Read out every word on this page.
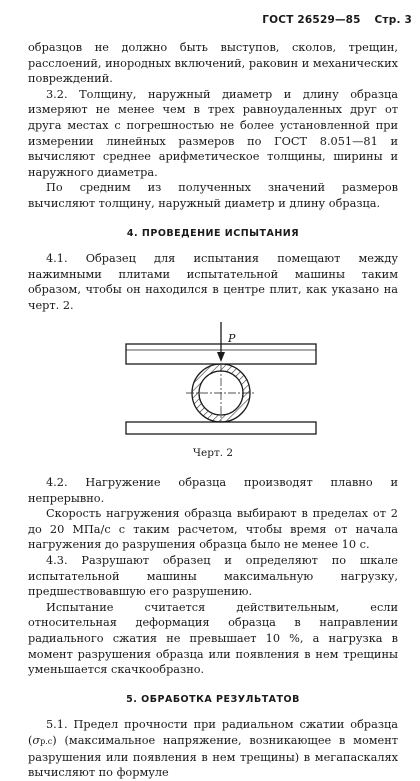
ГОСТ 26529—85 Стр. 3

образцов не должно быть выступов, сколов, трещин, расслоений, инородных включений, раковин и механических повреждений.

3.2. Толщину, наружный диаметр и длину образца измеряют не менее чем в трех равноудаленных друг от друга местах с погрешностью не более установленной при измерении линейных размеров по ГОСТ 8.051—81 и вычисляют среднее арифметическое толщины, ширины и наружного диаметра.

По средним из полученных значений размеров вычисляют толщину, наружный диаметр и длину образца.

4. ПРОВЕДЕНИЕ ИСПЫТАНИЯ

4.1. Образец для испытания помещают между нажимными плитами испытательной машины таким образом, чтобы он находился в центре плит, как указано на черт. 2.

P
Черт. 2

4.2. Нагружение образца производят плавно и непрерывно.

Скорость нагружения образца выбирают в пределах от 2 до 20 МПа/с с таким расчетом, чтобы время от начала нагружения до разрушения образца было не менее 10 с.

4.3. Разрушают образец и определяют по шкале испытательной машины максимальную нагрузку, предшествовавшую его разрушению.

Испытание считается действительным, если относительная деформация образца в направлении радиального сжатия не превышает 10 %, а нагрузка в момент разрушения образца или появления в нем трещины уменьшается скачкообразно.

5. ОБРАБОТКА РЕЗУЛЬТАТОВ

5.1. Предел прочности при радиальном сжатии образца (σр.с) (максимальное напряжение, возникающее в момент разрушения или появления в нем трещины) в мегапаскалях вычисляют по формуле
